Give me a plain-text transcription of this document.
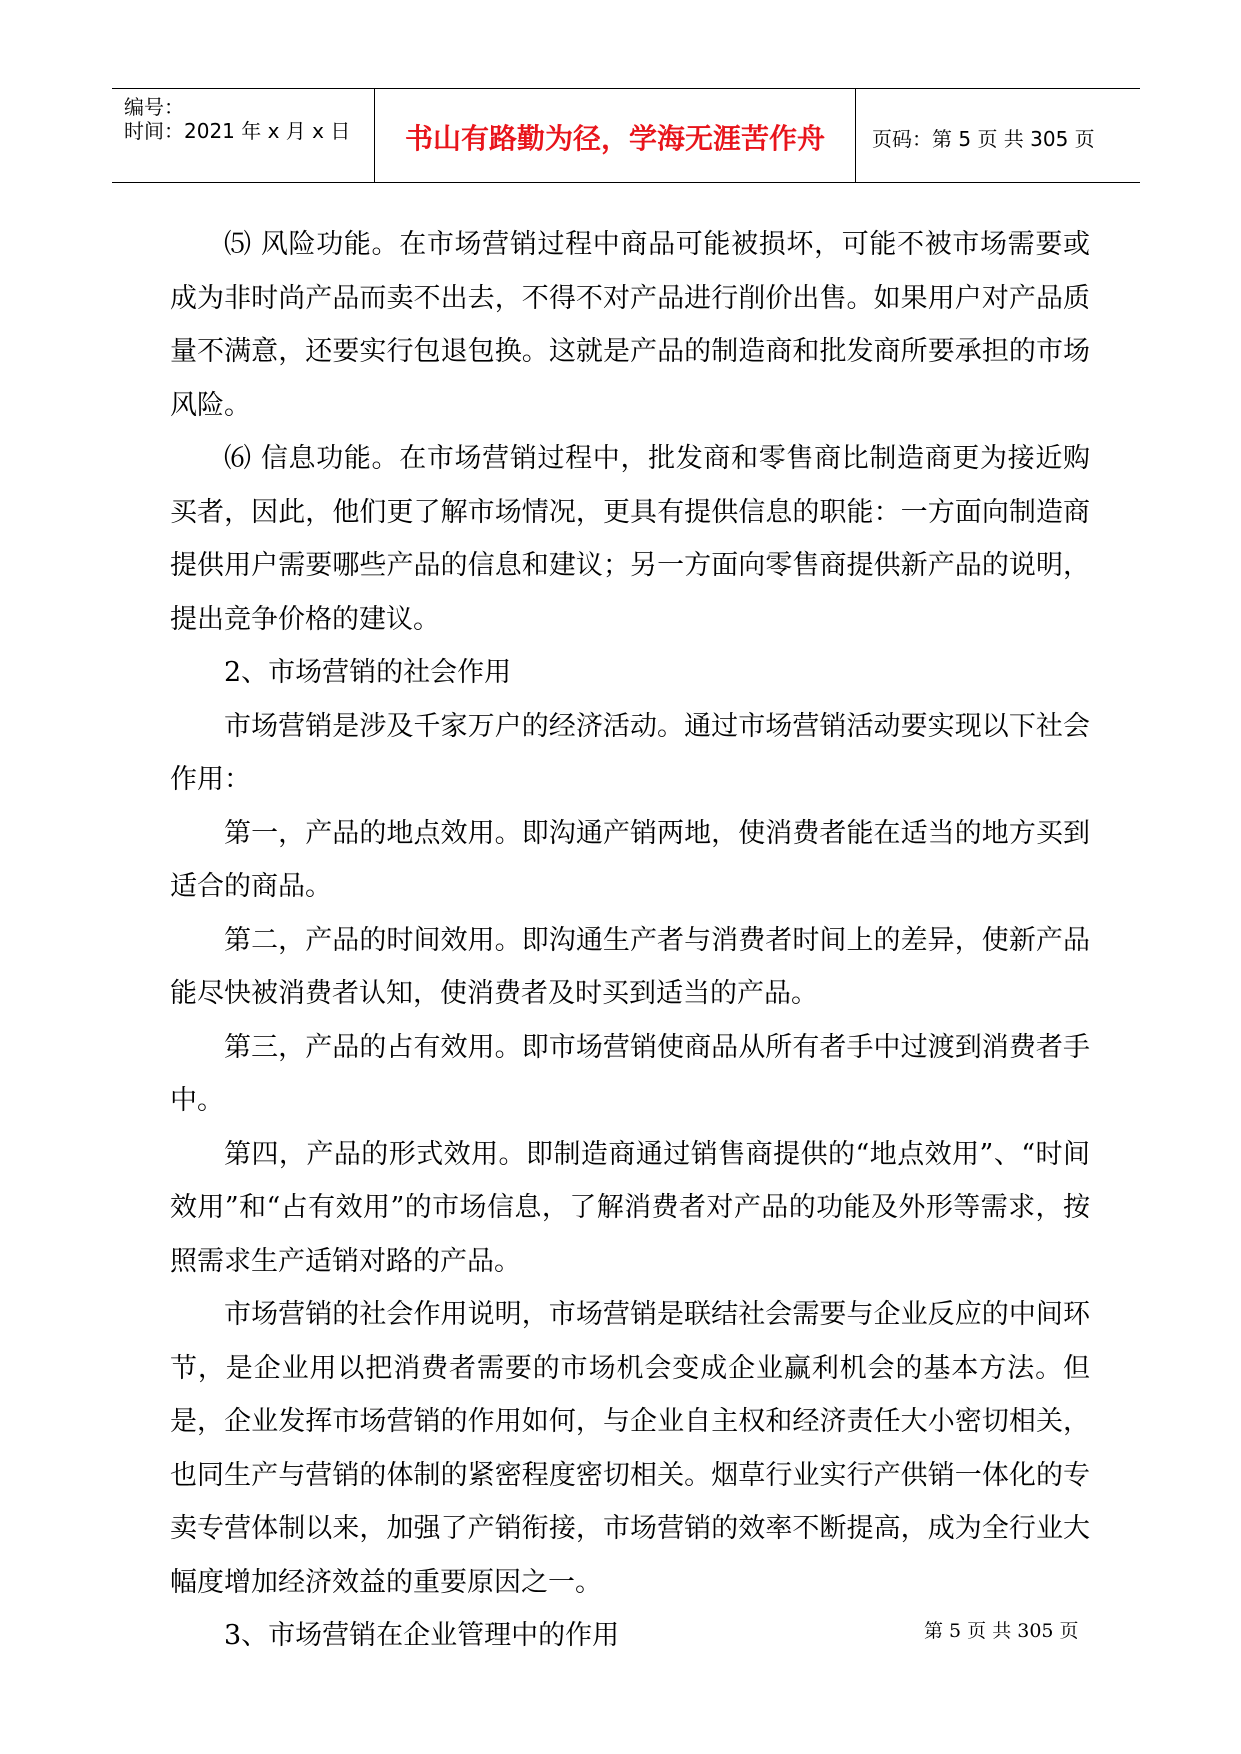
编号：
时间：2021 年 x 月 x 日	书山有路勤为径，学海无涯苦作舟	页码：第 5 页 共 305 页

⑸ 风险功能。在市场营销过程中商品可能被损坏，可能不被市场需要或成为非时尚产品而卖不出去，不得不对产品进行削价出售。如果用户对产品质量不满意，还要实行包退包换。这就是产品的制造商和批发商所要承担的市场风险。

⑹ 信息功能。在市场营销过程中，批发商和零售商比制造商更为接近购买者，因此，他们更了解市场情况，更具有提供信息的职能：一方面向制造商提供用户需要哪些产品的信息和建议；另一方面向零售商提供新产品的说明，提出竞争价格的建议。

2、市场营销的社会作用

市场营销是涉及千家万户的经济活动。通过市场营销活动要实现以下社会作用：

第一，产品的地点效用。即沟通产销两地，使消费者能在适当的地方买到适合的商品。

第二，产品的时间效用。即沟通生产者与消费者时间上的差异，使新产品能尽快被消费者认知，使消费者及时买到适当的产品。

第三，产品的占有效用。即市场营销使商品从所有者手中过渡到消费者手中。

第四，产品的形式效用。即制造商通过销售商提供的“地点效用”、“时间效用”和“占有效用”的市场信息，了解消费者对产品的功能及外形等需求，按照需求生产适销对路的产品。

市场营销的社会作用说明，市场营销是联结社会需要与企业反应的中间环节，是企业用以把消费者需要的市场机会变成企业赢利机会的基本方法。但是，企业发挥市场营销的作用如何，与企业自主权和经济责任大小密切相关，也同生产与营销的体制的紧密程度密切相关。烟草行业实行产供销一体化的专卖专营体制以来，加强了产销衔接，市场营销的效率不断提高，成为全行业大幅度增加经济效益的重要原因之一。

3、市场营销在企业管理中的作用	第 5 页 共 305 页
